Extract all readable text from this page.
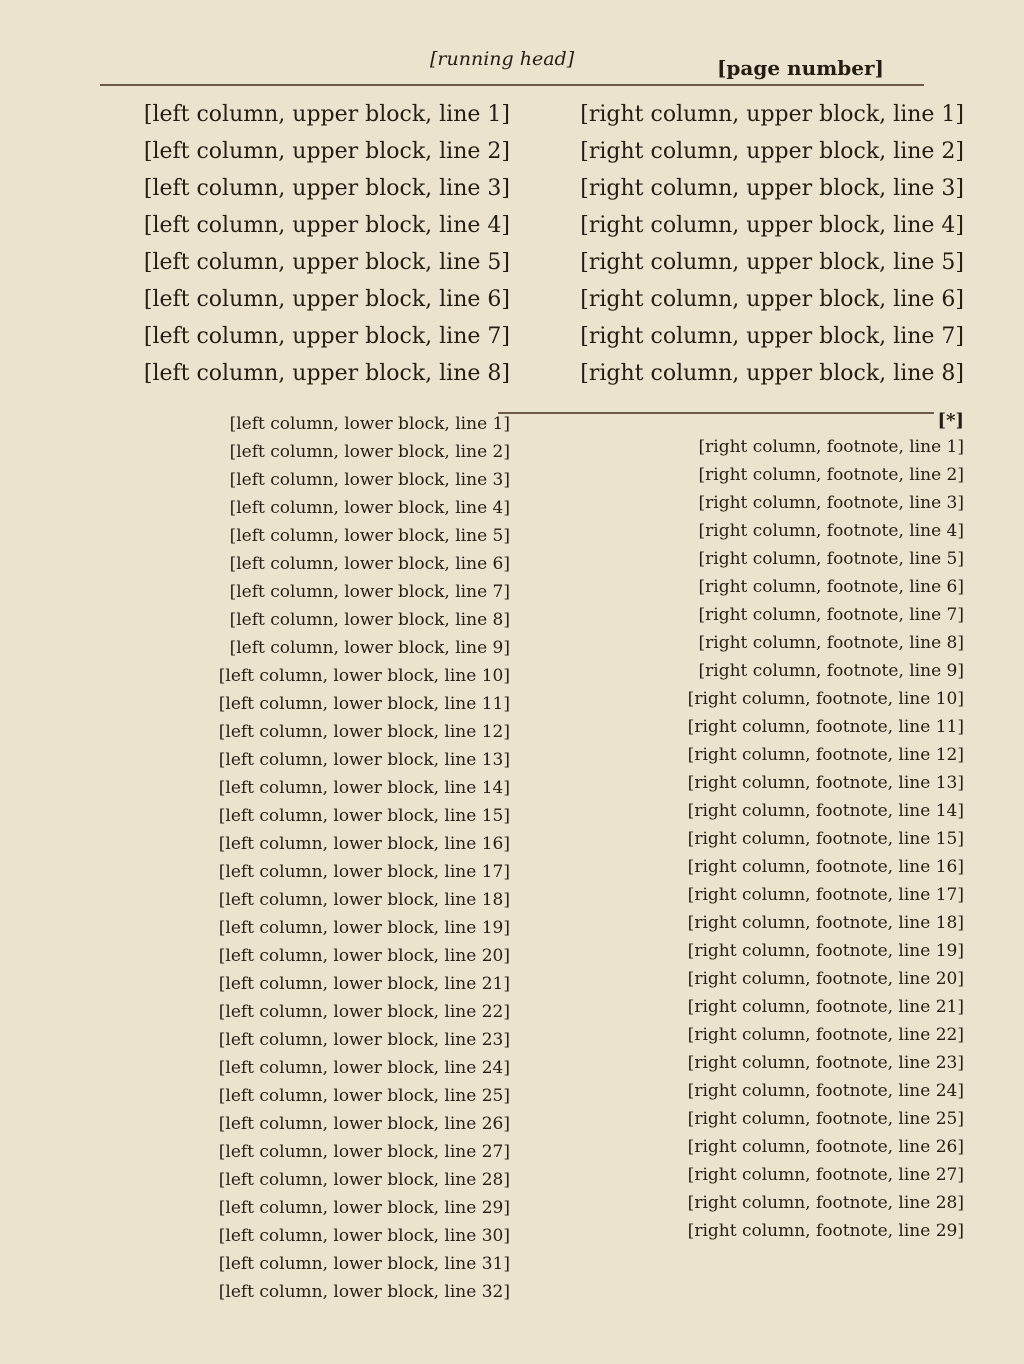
[page number]
[running head]

[right column, upper block, line 1]

[right column, upper block, line 2]

[right column, upper block, line 3]

[right column, upper block, line 4]

[right column, upper block, line 5]

[right column, upper block, line 6]

[right column, upper block, line 7]

[right column, upper block, line 8]

[*]

[right column, footnote, line 1]

[right column, footnote, line 2]

[right column, footnote, line 3]

[right column, footnote, line 4]

[right column, footnote, line 5]

[right column, footnote, line 6]

[right column, footnote, line 7]

[right column, footnote, line 8]

[right column, footnote, line 9]

[right column, footnote, line 10]

[right column, footnote, line 11]

[right column, footnote, line 12]

[right column, footnote, line 13]

[right column, footnote, line 14]

[right column, footnote, line 15]

[right column, footnote, line 16]

[right column, footnote, line 17]

[right column, footnote, line 18]

[right column, footnote, line 19]

[right column, footnote, line 20]

[right column, footnote, line 21]

[right column, footnote, line 22]

[right column, footnote, line 23]

[right column, footnote, line 24]

[right column, footnote, line 25]

[right column, footnote, line 26]

[right column, footnote, line 27]

[right column, footnote, line 28]

[right column, footnote, line 29]

[left column, upper block, line 1]

[left column, upper block, line 2]

[left column, upper block, line 3]

[left column, upper block, line 4]

[left column, upper block, line 5]

[left column, upper block, line 6]

[left column, upper block, line 7]

[left column, upper block, line 8]

[left column, lower block, line 1]

[left column, lower block, line 2]

[left column, lower block, line 3]

[left column, lower block, line 4]

[left column, lower block, line 5]

[left column, lower block, line 6]

[left column, lower block, line 7]

[left column, lower block, line 8]

[left column, lower block, line 9]

[left column, lower block, line 10]

[left column, lower block, line 11]

[left column, lower block, line 12]

[left column, lower block, line 13]

[left column, lower block, line 14]

[left column, lower block, line 15]

[left column, lower block, line 16]

[left column, lower block, line 17]

[left column, lower block, line 18]

[left column, lower block, line 19]

[left column, lower block, line 20]

[left column, lower block, line 21]

[left column, lower block, line 22]

[left column, lower block, line 23]

[left column, lower block, line 24]

[left column, lower block, line 25]

[left column, lower block, line 26]

[left column, lower block, line 27]

[left column, lower block, line 28]

[left column, lower block, line 29]

[left column, lower block, line 30]

[left column, lower block, line 31]

[left column, lower block, line 32]
